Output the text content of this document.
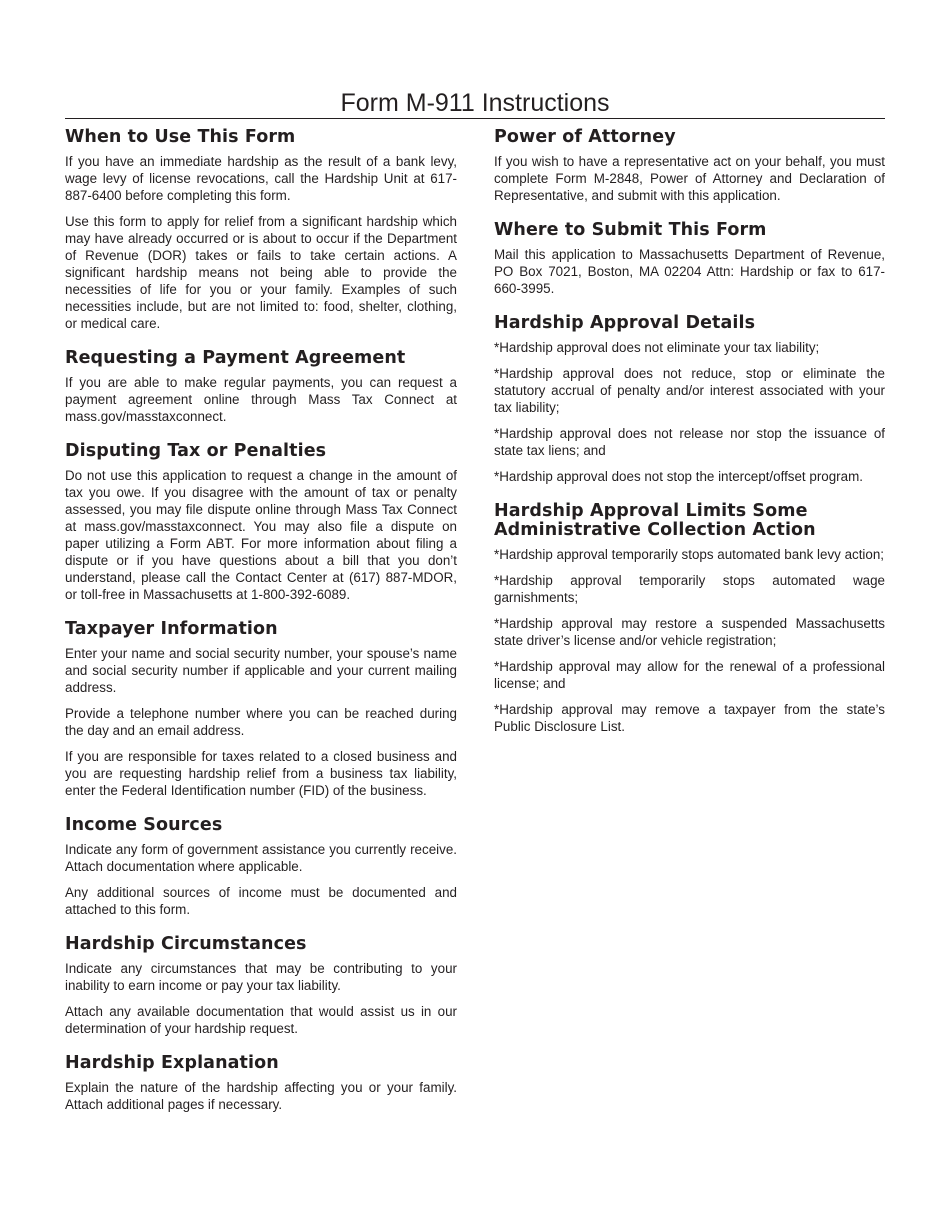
Form M-911 Instructions
When to Use This Form

If you have an immediate hardship as the result of a bank levy, wage levy of license revocations, call the Hardship Unit at 617-887-6400 before completing this form.

Use this form to apply for relief from a significant hardship which may have already occurred or is about to occur if the Department of Revenue (DOR) takes or fails to take certain actions. A significant hardship means not being able to provide the necessities of life for you or your family. Examples of such necessities include, but are not limited to: food, shelter, clothing, or medical care.

Requesting a Payment Agreement

If you are able to make regular payments, you can request a payment agreement online through Mass Tax Connect at mass.gov/masstaxconnect.

Disputing Tax or Penalties

Do not use this application to request a change in the amount of tax you owe. If you disagree with the amount of tax or penalty assessed, you may file dispute online through Mass Tax Connect at mass.gov/masstaxconnect. You may also file a dispute on paper utilizing a Form ABT. For more information about filing a dispute or if you have questions about a bill that you don’t understand, please call the Contact Center at (617) 887-MDOR, or toll-free in Massachusetts at 1-800-392-6089.

Taxpayer Information

Enter your name and social security number, your spouse’s name and social security number if applicable and your current mailing address.

Provide a telephone number where you can be reached during the day and an email address.

If you are responsible for taxes related to a closed business and you are requesting hardship relief from a business tax liability, enter the Federal Identification number (FID) of the business.

Income Sources

Indicate any form of government assistance you currently receive. Attach documentation where applicable.

Any additional sources of income must be documented and attached to this form.

Hardship Circumstances

Indicate any circumstances that may be contributing to your inability to earn income or pay your tax liability.

Attach any available documentation that would assist us in our determination of your hardship request.

Hardship Explanation

Explain the nature of the hardship affecting you or your family. Attach additional pages if necessary.

Power of Attorney

If you wish to have a representative act on your behalf, you must complete Form M-2848, Power of Attorney and Declaration of Representative, and submit with this application.

Where to Submit This Form

Mail this application to Massachusetts Department of Revenue, PO Box 7021, Boston, MA 02204 Attn: Hardship or fax to 617-660-3995.

Hardship Approval Details

*Hardship approval does not eliminate your tax liability;

*Hardship approval does not reduce, stop or eliminate the statutory accrual of penalty and/or interest associated with your tax liability;

*Hardship approval does not release nor stop the issuance of state tax liens; and

*Hardship approval does not stop the intercept/offset program.

Hardship Approval Limits Some Administrative Collection Action

*Hardship approval temporarily stops automated bank levy action;

*Hardship approval temporarily stops automated wage garnishments;

*Hardship approval may restore a suspended Massachusetts state driver’s license and/or vehicle registration;

*Hardship approval may allow for the renewal of a professional license; and

*Hardship approval may remove a taxpayer from the state’s Public Disclosure List.
